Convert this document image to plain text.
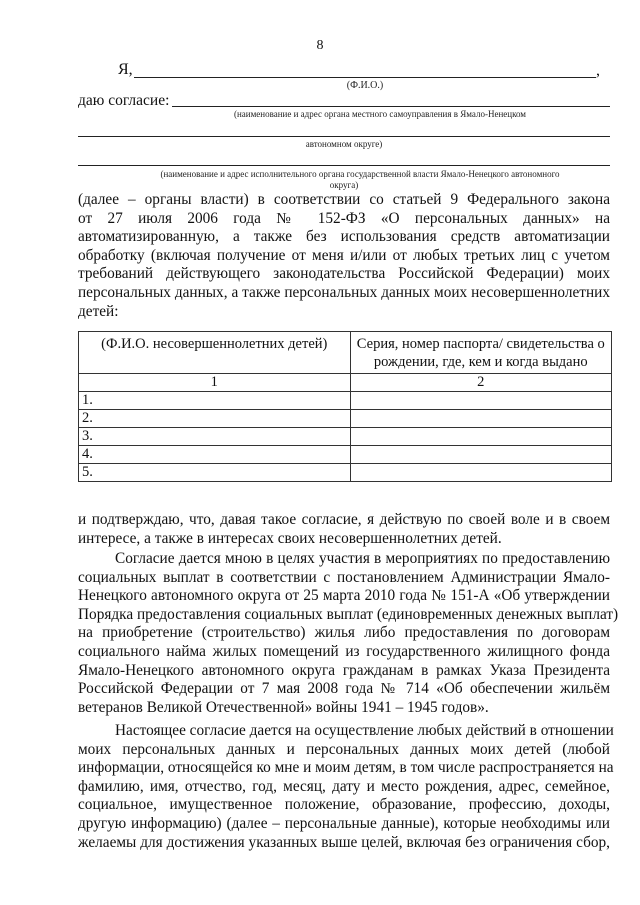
8
Я,	,
(Ф.И.О.)
даю согласие:
(наименование и адрес органа местного самоуправления в Ямало-Ненецком
автономном округе)
(наименование и адрес исполнительного органа государственной власти Ямало-Ненецкого автономного
округа)
(далее – органы власти) в соответствии со статьей 9 Федерального закона
от 27 июля 2006 года № 152-ФЗ «О персональных данных» на
автоматизированную, а также без использования средств автоматизации
обработку (включая получение от меня и/или от любых третьих лиц с учетом
требований действующего законодательства Российской Федерации) моих
персональных данных, а также персональных данных моих несовершеннолетних
детей:
(Ф.И.О. несовершеннолетних детей)	Серия, номер паспорта/ свидетельства о рождении, где, кем и когда выдано
1	2
1.	
2.	
3.	
4.	
5.	
и подтверждаю, что, давая такое согласие, я действую по своей воле и в своем
интересе, а также в интересах своих несовершеннолетних детей.
Согласие дается мною в целях участия в мероприятиях по предоставлению
социальных выплат в соответствии с постановлением Администрации Ямало-
Ненецкого автономного округа от 25 марта 2010 года № 151-А «Об утверждении
Порядка предоставления социальных выплат (единовременных денежных выплат)
на приобретение (строительство) жилья либо предоставления по договорам
социального найма жилых помещений из государственного жилищного фонда
Ямало-Ненецкого автономного округа гражданам в рамках Указа Президента
Российской Федерации от 7 мая 2008 года № 714 «Об обеспечении жильём
ветеранов Великой Отечественной» войны 1941 – 1945 годов».
Настоящее согласие дается на осуществление любых действий в отношении
моих персональных данных и персональных данных моих детей (любой
информации, относящейся ко мне и моим детям, в том числе распространяется на
фамилию, имя, отчество, год, месяц, дату и место рождения, адрес, семейное,
социальное, имущественное положение, образование, профессию, доходы,
другую информацию) (далее – персональные данные), которые необходимы или
желаемы для достижения указанных выше целей, включая без ограничения сбор,
